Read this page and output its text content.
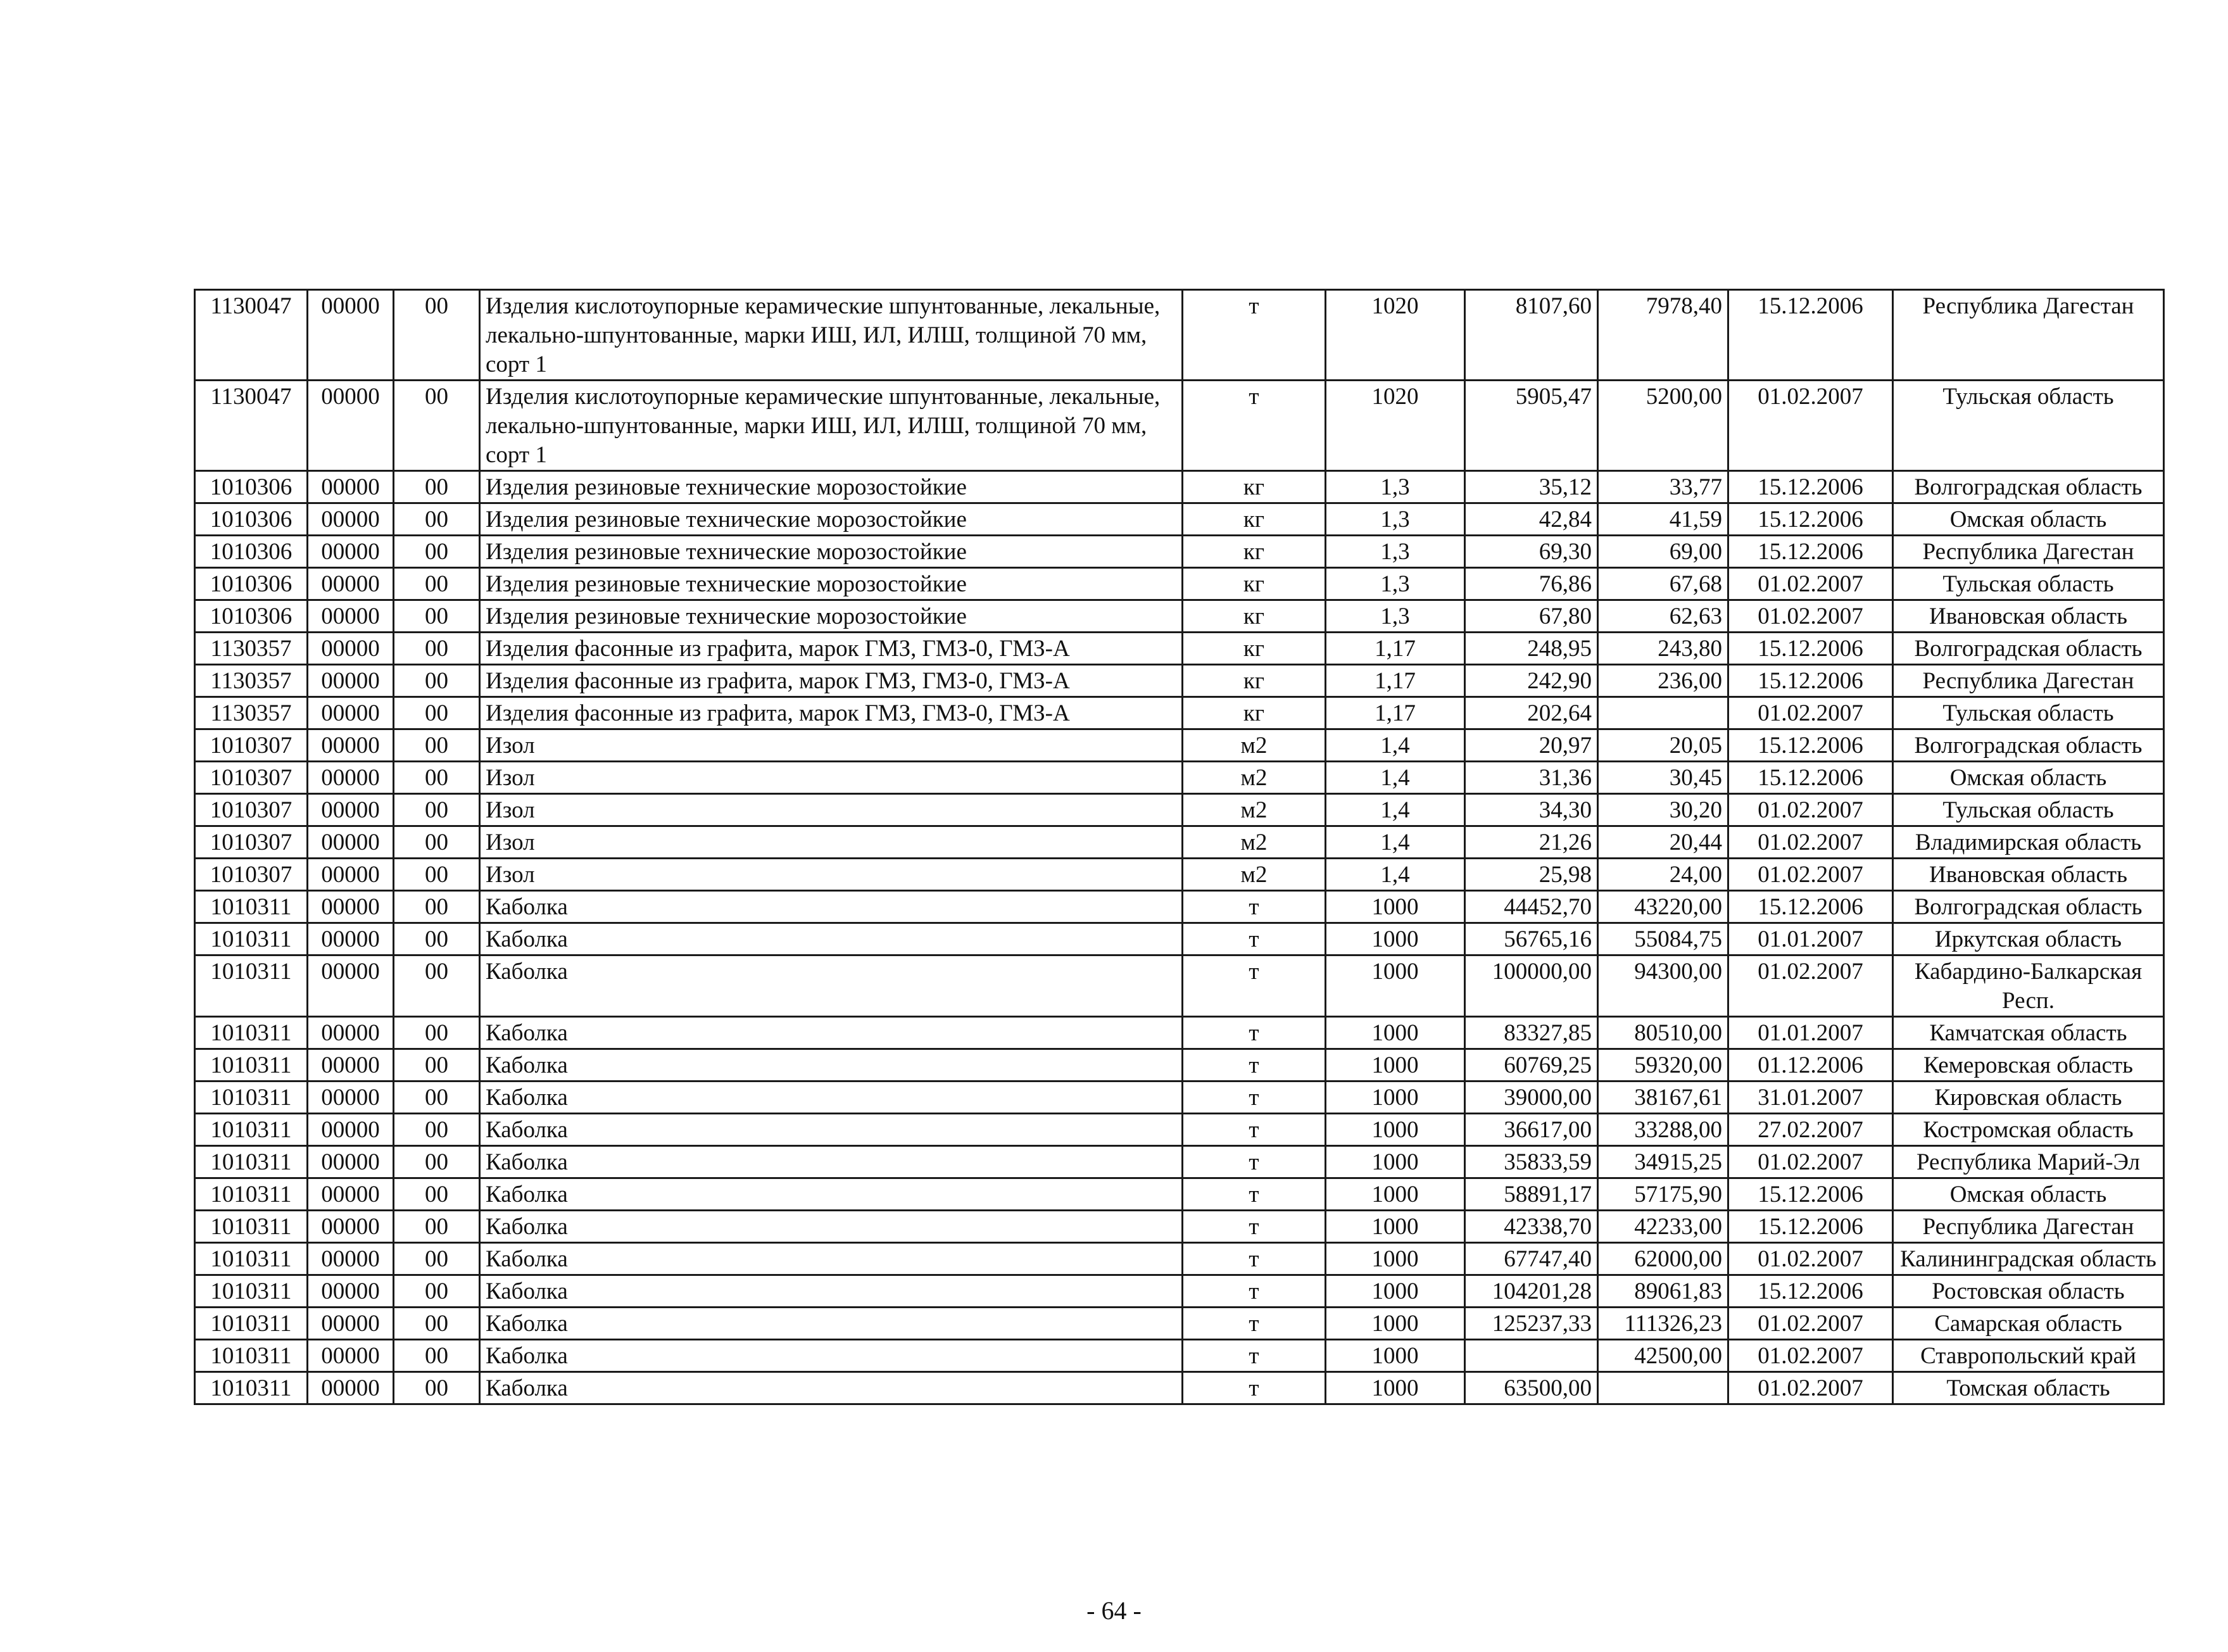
1130047	00000	00	Изделия кислотоупорные керамические шпунтованные, лекальные, лекально-шпунтованные, марки ИШ, ИЛ, ИЛШ, толщиной 70 мм, сорт 1	т	1020	8107,60	7978,40	15.12.2006	Республика Дагестан
1130047	00000	00	Изделия кислотоупорные керамические шпунтованные, лекальные, лекально-шпунтованные, марки ИШ, ИЛ, ИЛШ, толщиной 70 мм, сорт 1	т	1020	5905,47	5200,00	01.02.2007	Тульская область
1010306	00000	00	Изделия резиновые технические морозостойкие	кг	1,3	35,12	33,77	15.12.2006	Волгоградская область
1010306	00000	00	Изделия резиновые технические морозостойкие	кг	1,3	42,84	41,59	15.12.2006	Омская область
1010306	00000	00	Изделия резиновые технические морозостойкие	кг	1,3	69,30	69,00	15.12.2006	Республика Дагестан
1010306	00000	00	Изделия резиновые технические морозостойкие	кг	1,3	76,86	67,68	01.02.2007	Тульская область
1010306	00000	00	Изделия резиновые технические морозостойкие	кг	1,3	67,80	62,63	01.02.2007	Ивановская область
1130357	00000	00	Изделия фасонные из графита, марок ГМЗ, ГМЗ-0, ГМЗ-А	кг	1,17	248,95	243,80	15.12.2006	Волгоградская область
1130357	00000	00	Изделия фасонные из графита, марок ГМЗ, ГМЗ-0, ГМЗ-А	кг	1,17	242,90	236,00	15.12.2006	Республика Дагестан
1130357	00000	00	Изделия фасонные из графита, марок ГМЗ, ГМЗ-0, ГМЗ-А	кг	1,17	202,64		01.02.2007	Тульская область
1010307	00000	00	Изол	м2	1,4	20,97	20,05	15.12.2006	Волгоградская область
1010307	00000	00	Изол	м2	1,4	31,36	30,45	15.12.2006	Омская область
1010307	00000	00	Изол	м2	1,4	34,30	30,20	01.02.2007	Тульская область
1010307	00000	00	Изол	м2	1,4	21,26	20,44	01.02.2007	Владимирская область
1010307	00000	00	Изол	м2	1,4	25,98	24,00	01.02.2007	Ивановская область
1010311	00000	00	Каболка	т	1000	44452,70	43220,00	15.12.2006	Волгоградская область
1010311	00000	00	Каболка	т	1000	56765,16	55084,75	01.01.2007	Иркутская область
1010311	00000	00	Каболка	т	1000	100000,00	94300,00	01.02.2007	Кабардино-Балкарская Респ.
1010311	00000	00	Каболка	т	1000	83327,85	80510,00	01.01.2007	Камчатская область
1010311	00000	00	Каболка	т	1000	60769,25	59320,00	01.12.2006	Кемеровская область
1010311	00000	00	Каболка	т	1000	39000,00	38167,61	31.01.2007	Кировская область
1010311	00000	00	Каболка	т	1000	36617,00	33288,00	27.02.2007	Костромская область
1010311	00000	00	Каболка	т	1000	35833,59	34915,25	01.02.2007	Республика Марий-Эл
1010311	00000	00	Каболка	т	1000	58891,17	57175,90	15.12.2006	Омская область
1010311	00000	00	Каболка	т	1000	42338,70	42233,00	15.12.2006	Республика Дагестан
1010311	00000	00	Каболка	т	1000	67747,40	62000,00	01.02.2007	Калининградская область
1010311	00000	00	Каболка	т	1000	104201,28	89061,83	15.12.2006	Ростовская область
1010311	00000	00	Каболка	т	1000	125237,33	111326,23	01.02.2007	Самарская область
1010311	00000	00	Каболка	т	1000		42500,00	01.02.2007	Ставропольский край
1010311	00000	00	Каболка	т	1000	63500,00		01.02.2007	Томская область
- 64 -
